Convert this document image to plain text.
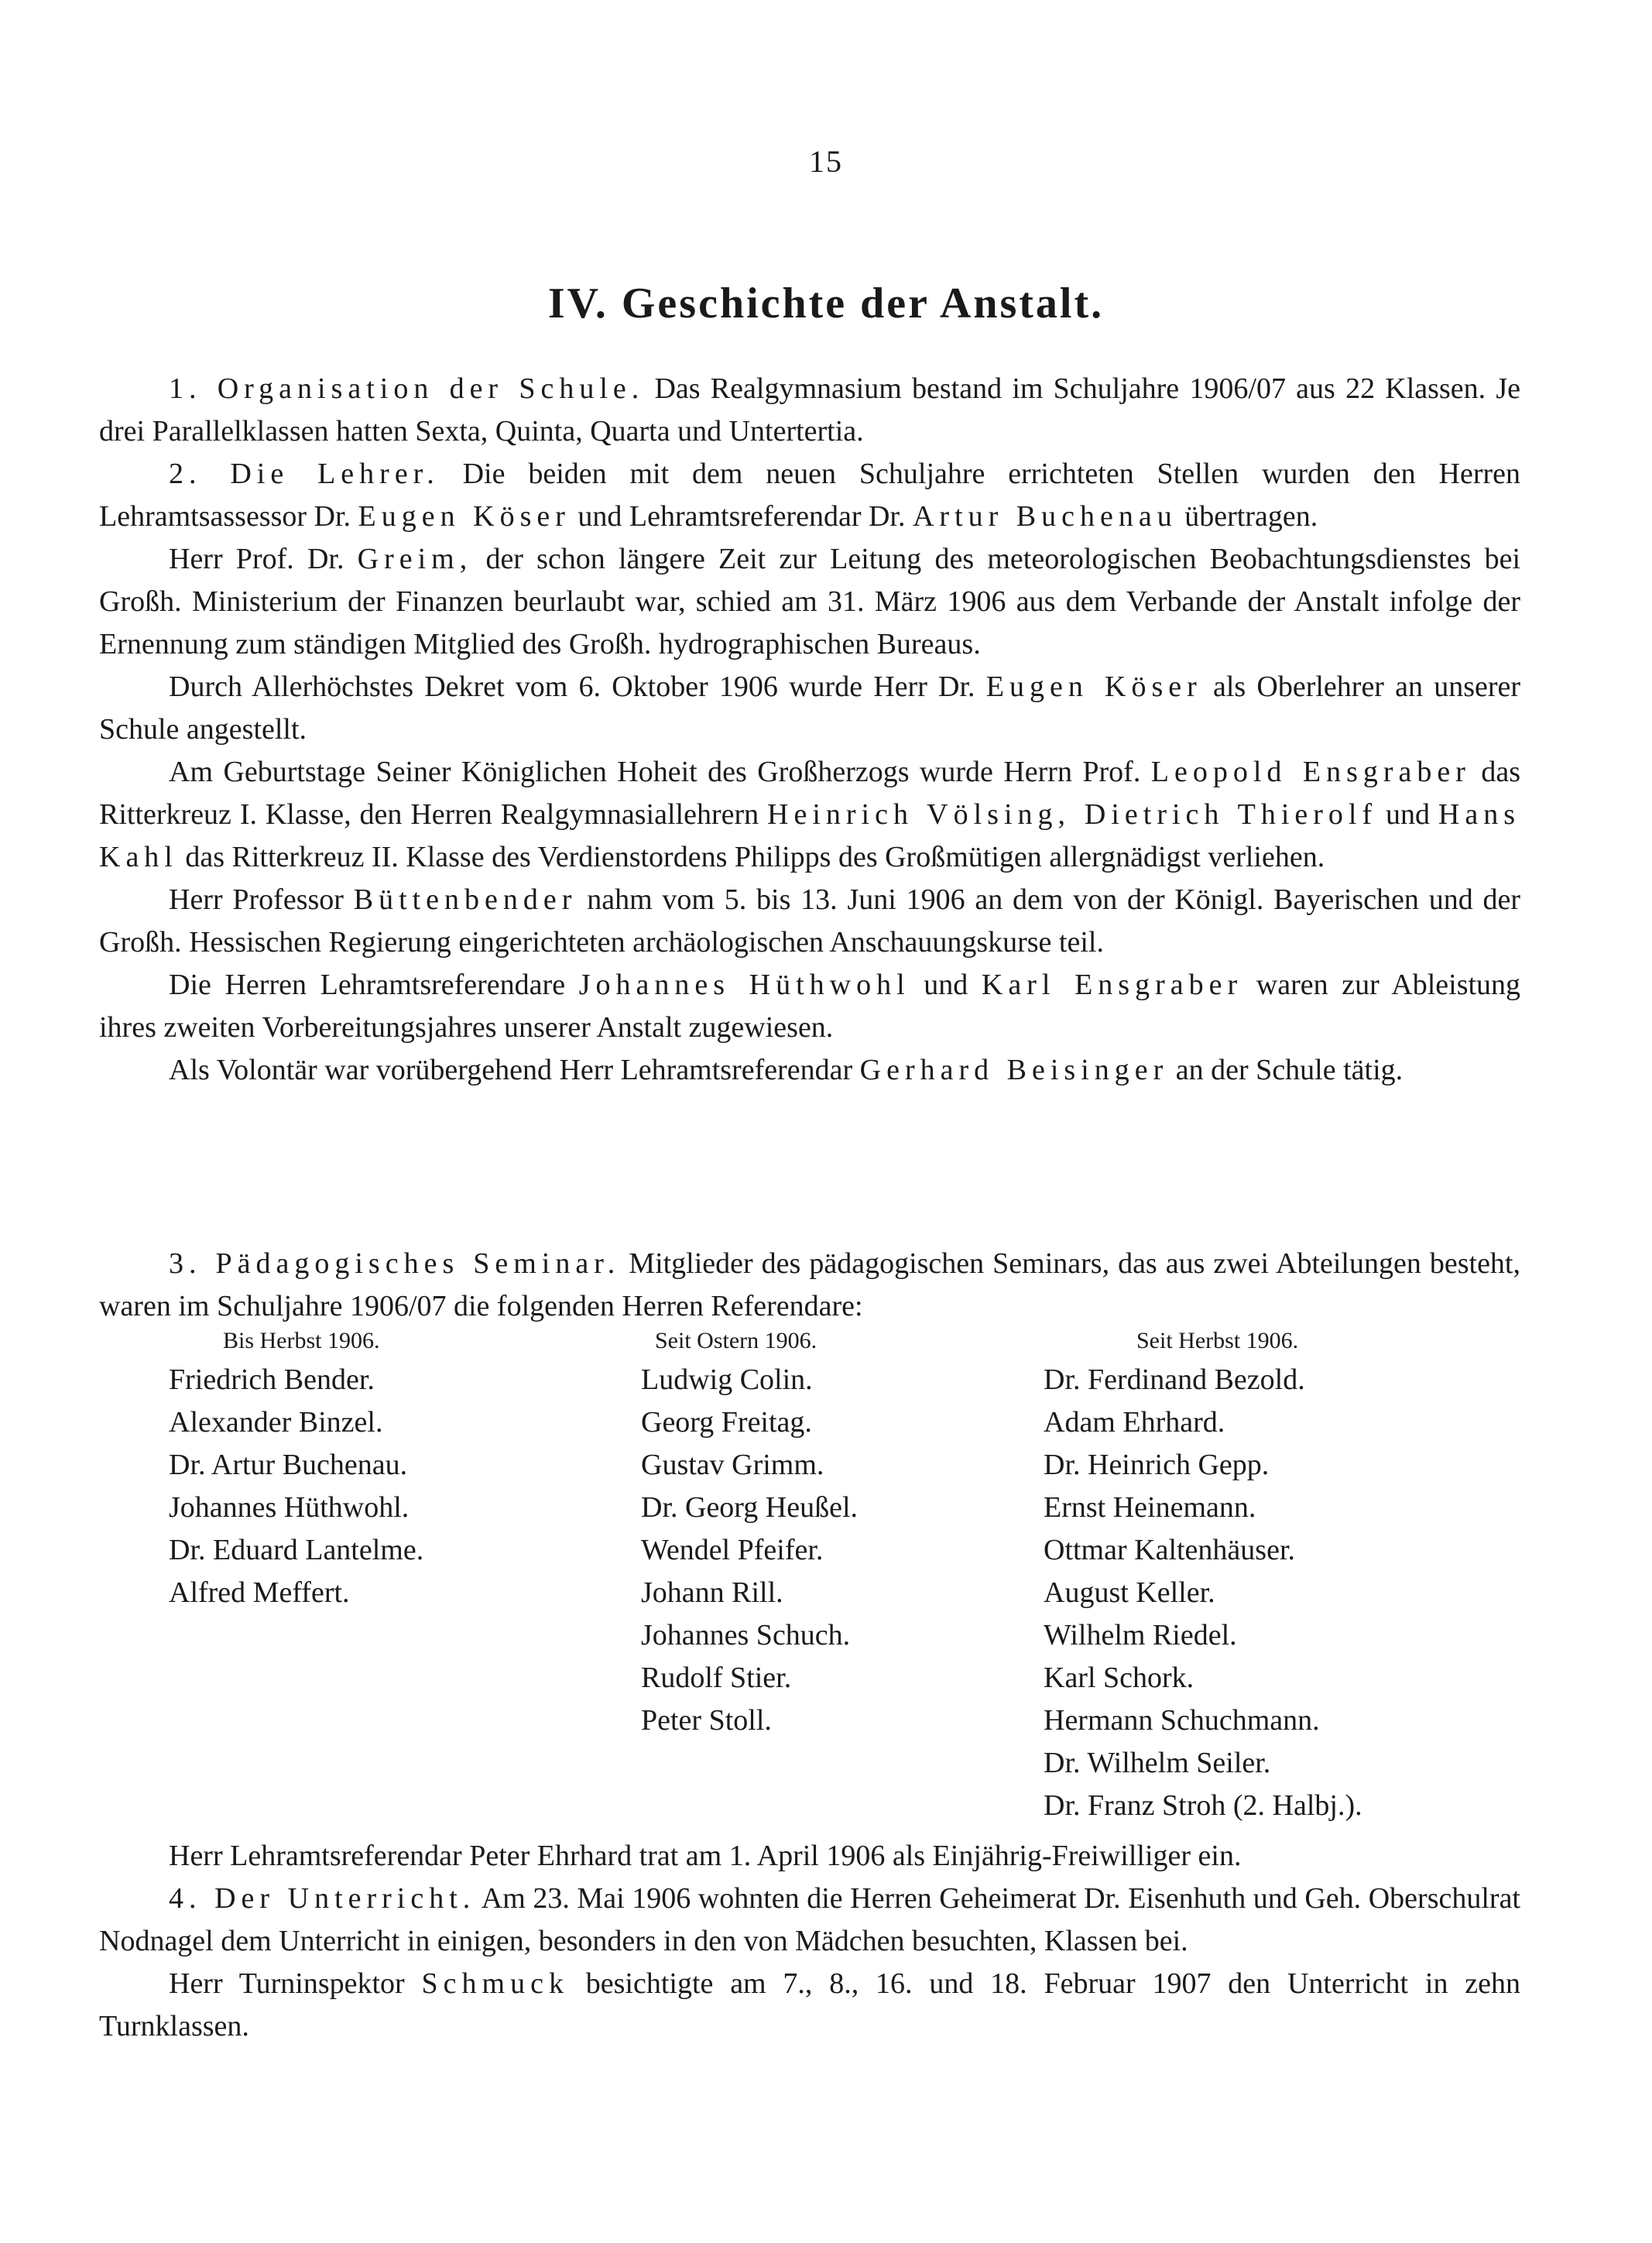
15
IV. Geschichte der Anstalt.

1. Organisation der Schule. Das Realgymnasium bestand im Schuljahre 1906/07 aus 22 Klassen. Je drei Parallelklassen hatten Sexta, Quinta, Quarta und Untertertia.

2. Die Lehrer. Die beiden mit dem neuen Schuljahre errichteten Stellen wurden den Herren Lehramtsassessor Dr. Eugen Köser und Lehramtsreferendar Dr. Artur Buchenau übertragen.

Herr Prof. Dr. Greim, der schon längere Zeit zur Leitung des meteorologischen Beobachtungsdienstes bei Großh. Ministerium der Finanzen beurlaubt war, schied am 31. März 1906 aus dem Verbande der Anstalt infolge der Ernennung zum ständigen Mitglied des Großh. hydrographischen Bureaus.

Durch Allerhöchstes Dekret vom 6. Oktober 1906 wurde Herr Dr. Eugen Köser als Oberlehrer an unserer Schule angestellt.

Am Geburtstage Seiner Königlichen Hoheit des Großherzogs wurde Herrn Prof. Leopold Ensgraber das Ritterkreuz I. Klasse, den Herren Realgymnasiallehrern Heinrich Völsing, Dietrich Thierolf und Hans Kahl das Ritterkreuz II. Klasse des Verdienstordens Philipps des Großmütigen allergnädigst verliehen.

Herr Professor Büttenbender nahm vom 5. bis 13. Juni 1906 an dem von der Königl. Bayerischen und der Großh. Hessischen Regierung eingerichteten archäologischen Anschauungskurse teil.

Die Herren Lehramtsreferendare Johannes Hüthwohl und Karl Ensgraber waren zur Ableistung ihres zweiten Vorbereitungsjahres unserer Anstalt zugewiesen.

Als Volontär war vorübergehend Herr Lehramtsreferendar Gerhard Beisinger an der Schule tätig.

3. Pädagogisches Seminar. Mitglieder des pädagogischen Seminars, das aus zwei Abteilungen besteht, waren im Schuljahre 1906/07 die folgenden Herren Referendare:

Bis Herbst 1906.	Seit Ostern 1906.	Seit Herbst 1906.
Friedrich Bender.
Alexander Binzel.
Dr. Artur Buchenau.
Johannes Hüthwohl.
Dr. Eduard Lantelme.
Alfred Meffert.
Ludwig Colin.
Georg Freitag.
Gustav Grimm.
Dr. Georg Heußel.
Wendel Pfeifer.
Johann Rill.
Johannes Schuch.
Rudolf Stier.
Peter Stoll.
Dr. Ferdinand Bezold.
Adam Ehrhard.
Dr. Heinrich Gepp.
Ernst Heinemann.
Ottmar Kaltenhäuser.
August Keller.
Wilhelm Riedel.
Karl Schork.
Hermann Schuchmann.
Dr. Wilhelm Seiler.
Dr. Franz Stroh (2. Halbj.).

Herr Lehramtsreferendar Peter Ehrhard trat am 1. April 1906 als Einjährig-Freiwilliger ein.

4. Der Unterricht. Am 23. Mai 1906 wohnten die Herren Geheimerat Dr. Eisenhuth und Geh. Oberschulrat Nodnagel dem Unterricht in einigen, besonders in den von Mädchen besuchten, Klassen bei.

Herr Turninspektor Schmuck besichtigte am 7., 8., 16. und 18. Februar 1907 den Unterricht in zehn Turnklassen.
